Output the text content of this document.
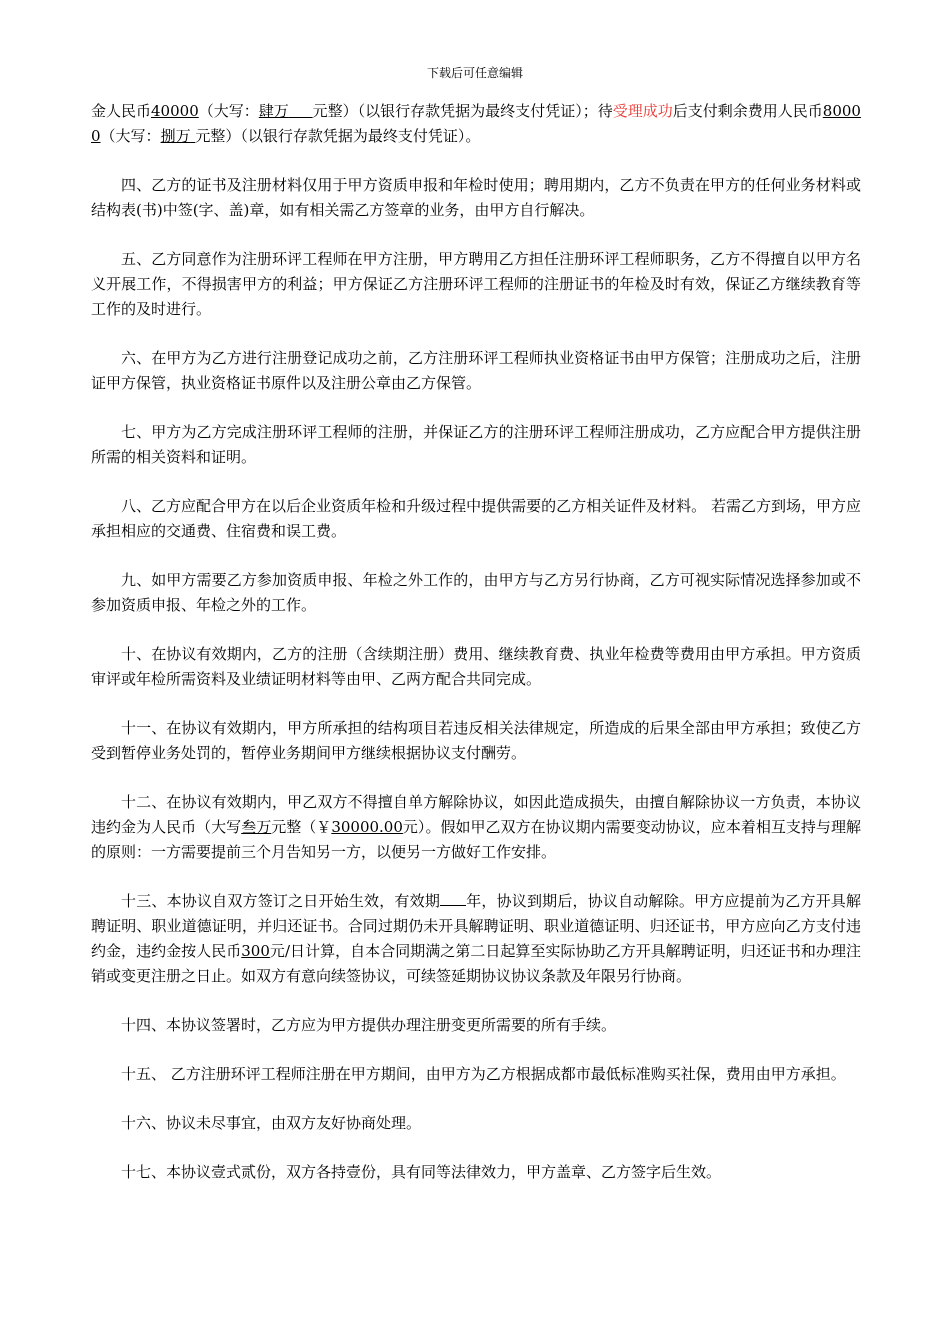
下载后可任意编辑

金人民币40000（大写：肆万 元整）（以银行存款凭据为最终支付凭证）；待受理成功后支付剩余费用人民币80000（大写：捌万 元整）（以银行存款凭据为最终支付凭证）。

四、乙方的证书及注册材料仅用于甲方资质申报和年检时使用；聘用期内，乙方不负责在甲方的任何业务材料或结构表(书)中签(字、盖)章，如有相关需乙方签章的业务，由甲方自行解决。

五、乙方同意作为注册环评工程师在甲方注册，甲方聘用乙方担任注册环评工程师职务，乙方不得擅自以甲方名义开展工作，不得损害甲方的利益；甲方保证乙方注册环评工程师的注册证书的年检及时有效，保证乙方继续教育等工作的及时进行。

六、在甲方为乙方进行注册登记成功之前，乙方注册环评工程师执业资格证书由甲方保管；注册成功之后，注册证甲方保管，执业资格证书原件以及注册公章由乙方保管。

七、甲方为乙方完成注册环评工程师的注册，并保证乙方的注册环评工程师注册成功，乙方应配合甲方提供注册所需的相关资料和证明。

八、乙方应配合甲方在以后企业资质年检和升级过程中提供需要的乙方相关证件及材料。 若需乙方到场，甲方应承担相应的交通费、住宿费和误工费。

九、如甲方需要乙方参加资质申报、年检之外工作的，由甲方与乙方另行协商，乙方可视实际情况选择参加或不参加资质申报、年检之外的工作。

十、在协议有效期内，乙方的注册（含续期注册）费用、继续教育费、执业年检费等费用由甲方承担。甲方资质审评或年检所需资料及业绩证明材料等由甲、乙两方配合共同完成。

十一、在协议有效期内，甲方所承担的结构项目若违反相关法律规定，所造成的后果全部由甲方承担；致使乙方受到暂停业务处罚的，暂停业务期间甲方继续根据协议支付酬劳。

十二、在协议有效期内，甲乙双方不得擅自单方解除协议，如因此造成损失，由擅自解除协议一方负责，本协议违约金为人民币（大写叁万元整（￥30000.00元）。假如甲乙双方在协议期内需要变动协议，应本着相互支持与理解的原则：一方需要提前三个月告知另一方，以便另一方做好工作安排。

十三、本协议自双方签订之日开始生效，有效期 年，协议到期后，协议自动解除。甲方应提前为乙方开具解聘证明、职业道德证明，并归还证书。合同过期仍未开具解聘证明、职业道德证明、归还证书，甲方应向乙方支付违约金，违约金按人民币300元/日计算，自本合同期满之第二日起算至实际协助乙方开具解聘证明，归还证书和办理注销或变更注册之日止。如双方有意向续签协议，可续签延期协议协议条款及年限另行协商。

十四、本协议签署时，乙方应为甲方提供办理注册变更所需要的所有手续。

十五、 乙方注册环评工程师注册在甲方期间，由甲方为乙方根据成都市最低标准购买社保，费用由甲方承担。

十六、协议未尽事宜，由双方友好协商处理。

十七、本协议壹式贰份，双方各持壹份，具有同等法律效力，甲方盖章、乙方签字后生效。
